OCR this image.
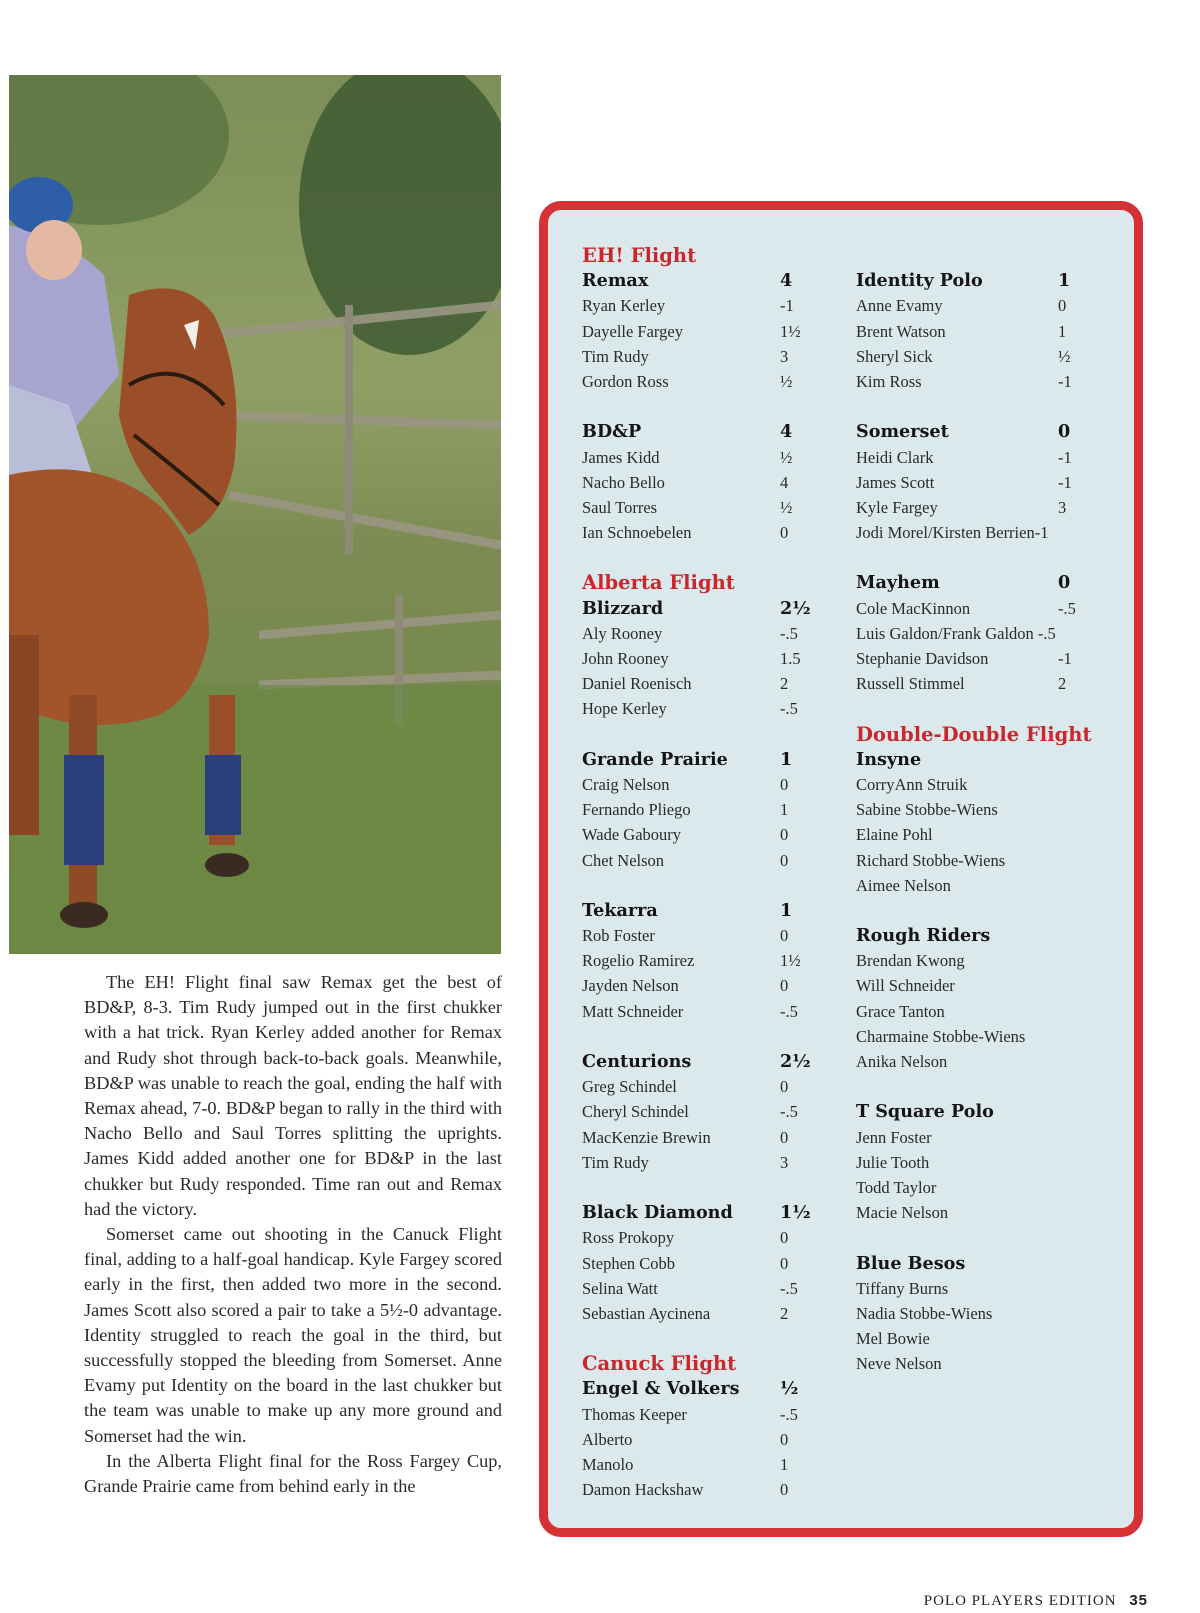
The EH! Flight final saw Remax get the best of BD&P, 8-3. Tim Rudy jumped out in the first chukker with a hat trick. Ryan Kerley added another for Remax and Rudy shot through back-to-back goals. Meanwhile, BD&P was unable to reach the goal, ending the half with Remax ahead, 7-0. BD&P began to rally in the third with Nacho Bello and Saul Torres splitting the uprights. James Kidd added another one for BD&P in the last chukker but Rudy responded. Time ran out and Remax had the victory.

Somerset came out shooting in the Canuck Flight final, adding to a half-goal handicap. Kyle Fargey scored early in the first, then added two more in the second. James Scott also scored a pair to take a 5½-0 advantage. Identity struggled to reach the goal in the third, but successfully stopped the bleeding from Somerset. Anne Evamy put Identity on the board in the last chukker but the team was unable to make up any more ground and Somerset had the win.

In the Alberta Flight final for the Ross Fargey Cup, Grande Prairie came from behind early in the

EH! Flight
Remax	4
Ryan Kerley	-1
Dayelle Fargey	1½
Tim Rudy	3
Gordon Ross	½
BD&P	4
James Kidd	½
Nacho Bello	4
Saul Torres	½
Ian Schnoebelen	0
Alberta Flight
Blizzard	2½
Aly Rooney	-.5
John Rooney	1.5
Daniel Roenisch	2
Hope Kerley	-.5
Grande Prairie	1
Craig Nelson	0
Fernando Pliego	1
Wade Gaboury	0
Chet Nelson	0
Tekarra	1
Rob Foster	0
Rogelio Ramirez	1½
Jayden Nelson	0
Matt Schneider	-.5
Centurions	2½
Greg Schindel	0
Cheryl Schindel	-.5
MacKenzie Brewin	0
Tim Rudy	3
Black Diamond	1½
Ross Prokopy	0
Stephen Cobb	0
Selina Watt	-.5
Sebastian Aycinena	2
Canuck Flight
Engel & Volkers ½
Thomas Keeper	-.5
Alberto	0
Manolo	1
Damon Hackshaw	0
Identity Polo	1
Anne Evamy	0
Brent Watson	1
Sheryl Sick	½
Kim Ross	-1
Somerset	0
Heidi Clark	-1
James Scott	-1
Kyle Fargey	3
Jodi Morel/Kirsten Berrien-1
Mayhem	0
Cole MacKinnon	-.5
Luis Galdon/Frank Galdon -.5
Stephanie Davidson	-1
Russell Stimmel	2
Double-Double Flight
Insyne
CorryAnn Struik
Sabine Stobbe-Wiens
Elaine Pohl
Richard Stobbe-Wiens
Aimee Nelson
Rough Riders
Brendan Kwong
Will Schneider
Grace Tanton
Charmaine Stobbe-Wiens
Anika Nelson
T Square Polo
Jenn Foster
Julie Tooth
Todd Taylor
Macie Nelson
Blue Besos
Tiffany Burns
Nadia Stobbe-Wiens
Mel Bowie
Neve Nelson
POLO PLAYERS EDITION 35
